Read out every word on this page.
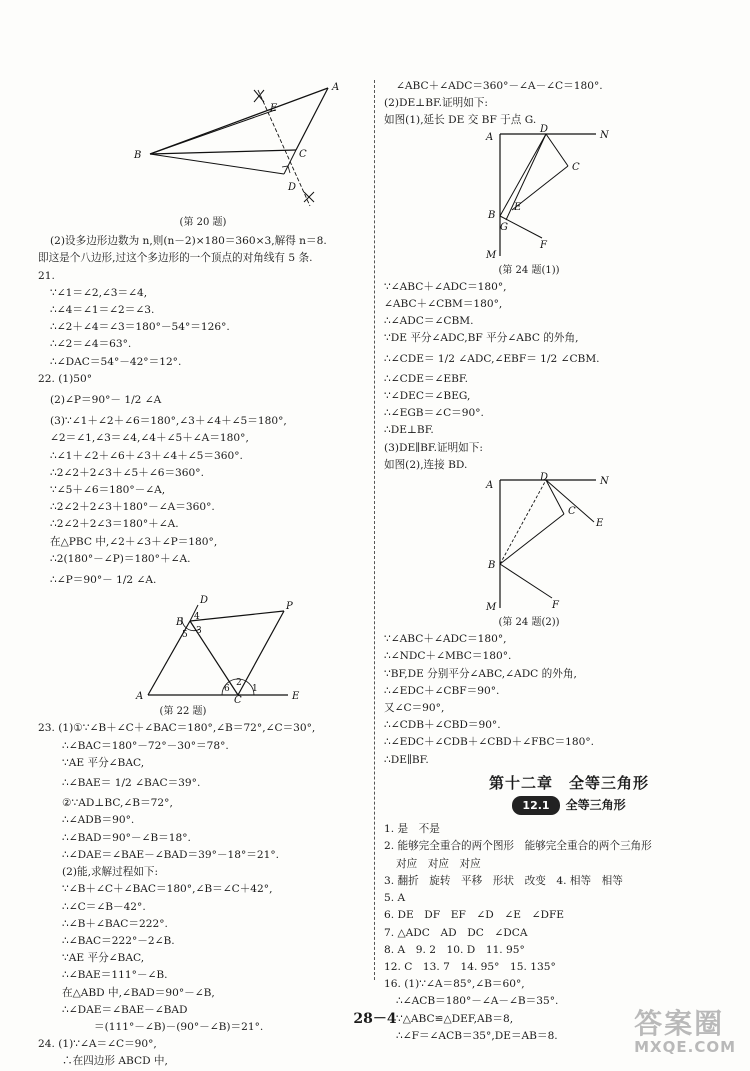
A
B	C
D
E
(第 20 题)
(2)设多边形边数为 n,则(n－2)×180＝360×3,解得 n＝8.
即这是个八边形,过这个多边形的一个顶点的对角线有 5 条.
21.
∵∠1＝∠2,∠3＝∠4,
∴∠4＝∠1＝∠2＝∠3.
∴∠2＋∠4＝∠3＝180°－54°＝126°.
∴∠2＝∠4＝63°.
∴∠DAC＝54°－42°＝12°.
22. (1)50°
(2)∠P＝90°－ 1/2 ∠A
(3)∵∠1＋∠2＋∠6＝180°,∠3＋∠4＋∠5＝180°,
∠2＝∠1,∠3＝∠4,∠4＋∠5＋∠A＝180°,
∴∠1＋∠2＋∠6＋∠3＋∠4＋∠5＝360°.
∴2∠2＋2∠3＋∠5＋∠6＝360°.
∵∠5＋∠6＝180°－∠A,
∴2∠2＋2∠3＋180°－∠A＝360°.
∴2∠2＋2∠3＝180°＋∠A.
在△PBC 中,∠2＋∠3＋∠P＝180°,
∴2(180°－∠P)＝180°＋∠A.
∴∠P＝90°－ 1/2 ∠A.
D
B 4
3
5
P
2
6 1
A	C	E
(第 22 题)
23. (1)①∵∠B＋∠C＋∠BAC＝180°,∠B＝72°,∠C＝30°,
∴∠BAC＝180°－72°－30°＝78°.
∵AE 平分∠BAC,
∴∠BAE＝ 1/2 ∠BAC＝39°.
②∵AD⊥BC,∠B＝72°,
∴∠ADB＝90°.
∴∠BAD＝90°－∠B＝18°.
∴∠DAE＝∠BAE－∠BAD＝39°－18°＝21°.
(2)能,求解过程如下:
∵∠B＋∠C＋∠BAC＝180°,∠B＝∠C＋42°,
∴∠C＝∠B－42°.
∴∠B＋∠BAC＝222°.
∴∠BAC＝222°－2∠B.
∵AE 平分∠BAC,
∴∠BAE＝111°－∠B.
在△ABD 中,∠BAD＝90°－∠B,
∴∠DAE＝∠BAE－∠BAD
＝(111°－∠B)－(90°－∠B)＝21°.
24. (1)∵∠A＝∠C＝90°,
∴在四边形 ABCD 中,
∠ABC＋∠ADC＝360°－∠A－∠C＝180°.
(2)DE⊥BF.证明如下:
如图(1),延长 DE 交 BF 于点 G.
A
D
N
C
E
B
G
F
M
(第 24 题(1))
∵∠ABC＋∠ADC＝180°,
∠ABC＋∠CBM＝180°,
∴∠ADC＝∠CBM.
∵DE 平分∠ADC,BF 平分∠ABC 的外角,
∴∠CDE＝ 1/2 ∠ADC,∠EBF＝ 1/2 ∠CBM.
∴∠CDE＝∠EBF.
∵∠DEC＝∠BEG,
∴∠EGB＝∠C＝90°.
∴DE⊥BF.
(3)DE∥BF.证明如下:
如图(2),连接 BD.
A
D	N
C
E
B
F
M
(第 24 题(2))
∵∠ABC＋∠ADC＝180°,
∴∠NDC＋∠MBC＝180°.
∵BF,DE 分别平分∠ABC,∠ADC 的外角,
∴∠EDC＋∠CBF＝90°.
又∠C＝90°,
∴∠CDB＋∠CBD＝90°.
∴∠EDC＋∠CDB＋∠CBD＋∠FBC＝180°.
∴DE∥BF.
第十二章　全等三角形
12.1	全等三角形
1. 是　不是
2. 能够完全重合的两个图形　能够完全重合的两个三角形
对应　对应　对应
3. 翻折　旋转　平移　形状　改变　4. 相等　相等
5. A
6. DE　DF　EF　∠D　∠E　∠DFE
7. △ADC　AD　DC　∠DCA
8. A　9. 2　10. D　11. 95°
12. C　13. 7　14. 95°　15. 135°
16. (1)∵∠A＝85°,∠B＝60°,
∴∠ACB＝180°－∠A－∠B＝35°.
∵△ABC≌△DEF,AB＝8,
∴∠F＝∠ACB＝35°,DE＝AB＝8.
28－4	答案圈
MXQE.COM
